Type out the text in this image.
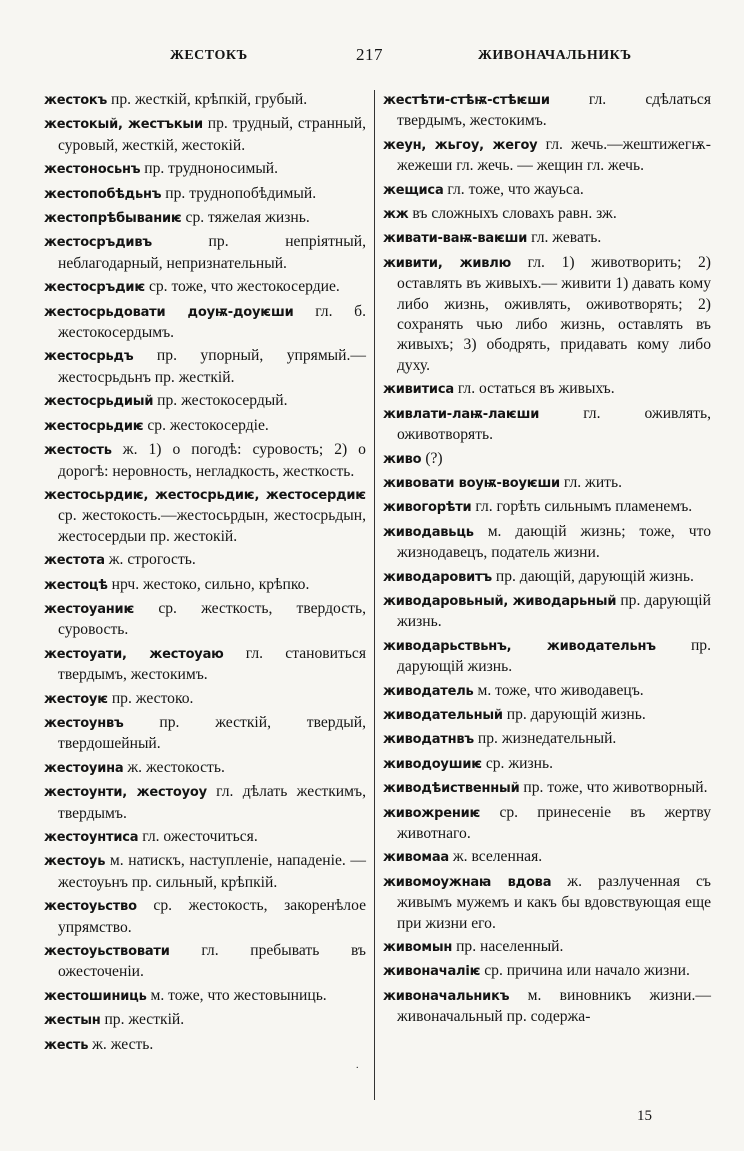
ЖЕСТОКЪ	217	ЖИВОНАЧАЛЬНИКЪ

жестокъ пр. жесткій, крѣпкій, грубый.

жестокый, жестъкыи пр. трудный, странный, суровый, жесткій, жестокій.

жестоносьнъ пр. трудноносимый.

жестопобѣдьнъ пр. труднопобѣдимый.

жестопрѣбываниѥ ср. тяжелая жизнь.

жестосръдивъ	пр. непріятный, неблагодарный, непризнательный.

жестосръдиѥ ср. тоже, что жестокосердие.

жестосрьдовати доуѭ-доуѥши гл. б. жестокосердымъ.

жестосрьдъ пр. упорный, упрямый.— жестосрьдьнъ пр. жесткій.

жестосрьдиый пр. жестокосердый.

жестосрьдиѥ ср. жестокосердіе.

жестость ж. 1) о погодѣ: суровость; 2) о дорогѣ: неровность, негладкость, жесткость.

жестосьрдиѥ, жестосрьдиѥ, жестосердиѥ ср. жестокость.—жестосьрдын, жестосрьдын, жестосердыи пр. жестокій.

жестота ж. строгость.

жестоцѣ нрч. жестоко, сильно, крѣпко.

жестоуаниѥ ср. жесткость, твердость, суровость.

жестоуати, жестоуаю гл. становиться твердымъ, жестокимъ.

жестоуѥ пр. жестоко.

жестоунвъ пр. жесткій, твердый, твердошейный.

жестоуина ж. жестокость.

жестоунти, жестоуоу гл. дѣлать жесткимъ, твердымъ.

жестоунтиса гл. ожесточиться.

жестоуь м. натискъ, наступленіе, нападеніе. — жестоуьнъ пр. сильный, крѣпкій.

жестоуьство ср. жестокость, закоренѣлое упрямство.

жестоуьствовати гл. пребывать въ ожесточеніи.

жестошиниць м. тоже, что жестовыниць.

жестын пр. жесткій.

жесть ж. жесть.

жестѣти-стѣѭ-стѣѥши	гл. сдѣлаться твердымъ, жестокимъ.

жеун, жьгоу, жегоу гл. жечь.—жештижегѭ-жежеши гл. жечь. — жещин гл. жечь.

жещиса гл. тоже, что жауьса.

жж въ сложныхъ словахъ равн. зж.

живати-ваѭ-ваѥши гл. жевать.

живити, живлю гл. 1) животворить; 2) оставлять въ живыхъ.— живити 1) давать кому либо жизнь, оживлять, оживотворять; 2) сохранять чью либо жизнь, оставлять въ живыхъ; 3) ободрять, придавать кому либо духу.

живитиса гл. остаться въ живыхъ.

живлати-лаѭ-лаѥши	гл. оживлять, оживотворять.

живо (?)

живовати воуѭ-воуѥши гл. жить.

живогорѣти гл. горѣть сильнымъ пламенемъ.

живодавьць м. дающій жизнь; тоже, что жизнодавецъ, податель жизни.

живодаровитъ пр. дающій, дарующій жизнь.

живодаровьный, живодарьный пр. дарующій жизнь.

живодарьствьнъ, живодательнъ пр. дарующій жизнь.

живодатель м. тоже, что живодавецъ.

живодательный пр. дарующій жизнь.

живодатнвъ пр. жизнедательный.

живодоушиѥ ср. жизнь.

живодѣиственный пр. тоже, что животворный.

живожрениѥ ср. принесеніе въ жертву животнаго.

живомаа ж. вселенная.

живомоужнаꙗ вдова ж. разлученная съ живымъ мужемъ и какъ бы вдовствующая еще при жизни его.

живомын пр. населенный.

живоначаліѥ ср. причина или начало жизни.

живоначальникъ м. виновникъ жизни.—живоначальный пр. содержа-

.
15
